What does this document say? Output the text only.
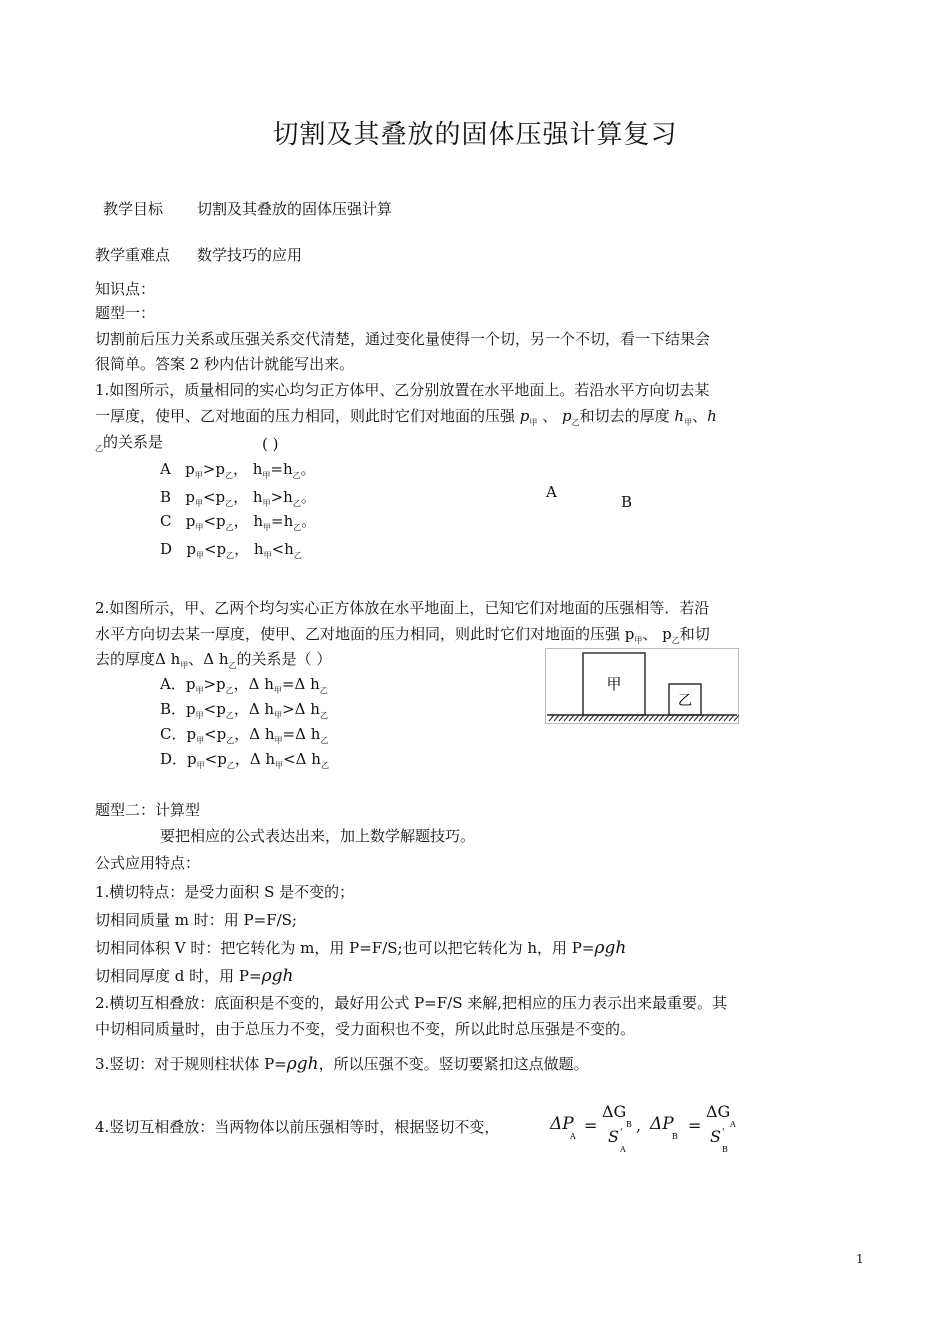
切割及其叠放的固体压强计算复习
教学目标 切割及其叠放的固体压强计算
教学重难点 数学技巧的应用
知识点：
题型一：
切割前后压力关系或压强关系交代清楚，通过变化量使得一个切，另一个不切，看一下结果会
很简单。答案 2 秒内估计就能写出来。
1.如图所示，质量相同的实心均匀正方体甲、乙分别放置在水平地面上。若沿水平方向切去某
一厚度，使甲、乙对地面的压力相同，则此时它们对地面的压强 $p_甲$ 、 $p_乙$和切去的厚度 $h_甲$、h
$_乙$的关系是	( )
A   $p_甲>p_乙$， $h_甲=h_乙$。
B   $p_甲<p_乙$， $h_甲>h_乙$。
C   $p_甲<p_乙$， $h_甲=h_乙$。
D   $p_甲<p_乙$， $h_甲<h_乙$
A
B
2.如图所示，甲、乙两个均匀实心正方体放在水平地面上，已知它们对地面的压强相等．若沿
水平方向切去某一厚度，使甲、乙对地面的压力相同，则此时它们对地面的压强 $p_甲$、 $p_乙$和切
去的厚度Δ $h_甲$、Δ $h_乙$的关系是（ ）
A．$p_甲>p_乙$，Δ $h_甲=\Delta$ $h_乙$
B．$p_甲<p_乙$，Δ $h_甲>\Delta$ $h_乙$
C．$p_甲<p_乙$，Δ $h_甲=\Delta$ $h_乙$
D．$p_甲<p_乙$，Δ $h_甲<\Delta$ $h_乙$
甲
乙
题型二：计算型
要把相应的公式表达出来，加上数学解题技巧。
公式应用特点：
1.横切特点：是受力面积 S 是不变的；
切相同质量 m 时：用 P=F/S;
切相同体积 V 时：把它转化为 m，用 P=F/S;也可以把它转化为 h，用 P=ρgh
切相同厚度 d 时，用 P=ρgh
2.横切互相叠放：底面积是不变的，最好用公式 P=F/S 来解,把相应的压力表示出来最重要。其
中切相同质量时，由于总压力不变，受力面积也不变，所以此时总压强是不变的。
3.竖切：对于规则柱状体 P=ρgh，所以压强不变。竖切要紧扣这点做题。
4.竖切互相叠放：当两物体以前压强相等时，根据竖切不变，	ΔP
A
=
ΔG
B
S '
A
, ΔP
B
=
ΔG
A
S '
B
1
